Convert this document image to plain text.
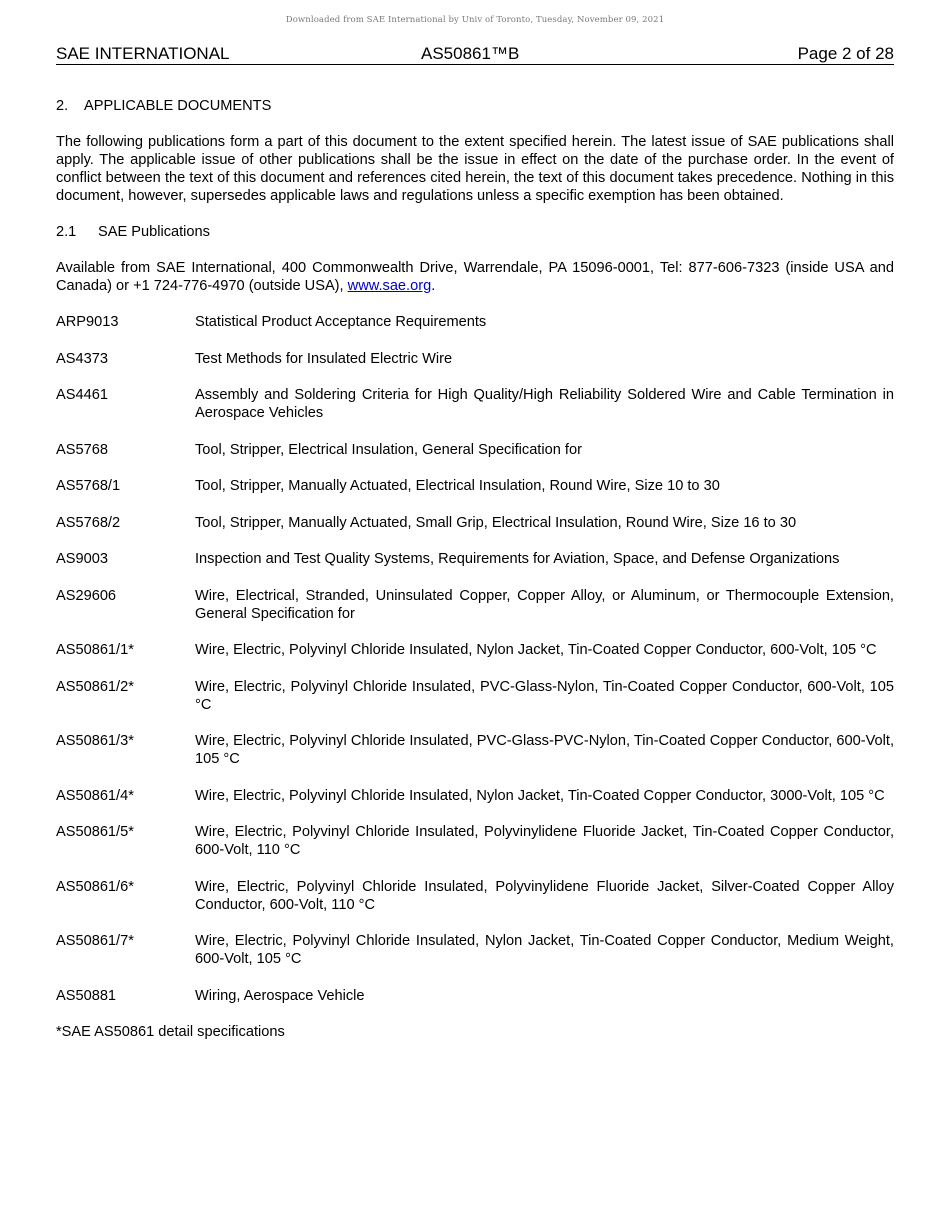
Downloaded from SAE International by Univ of Toronto, Tuesday, November 09, 2021
SAE INTERNATIONAL	AS50861™B	Page 2 of 28
2. APPLICABLE DOCUMENTS

The following publications form a part of this document to the extent specified herein. The latest issue of SAE publications shall apply. The applicable issue of other publications shall be the issue in effect on the date of the purchase order. In the event of conflict between the text of this document and references cited herein, the text of this document takes precedence. Nothing in this document, however, supersedes applicable laws and regulations unless a specific exemption has been obtained.

2.1 SAE Publications

Available from SAE International, 400 Commonwealth Drive, Warrendale, PA 15096-0001, Tel: 877-606-7323 (inside USA and Canada) or +1 724-776-4970 (outside USA), www.sae.org.

ARP9013	Statistical Product Acceptance Requirements
AS4373	Test Methods for Insulated Electric Wire
AS4461	Assembly and Soldering Criteria for High Quality/High Reliability Soldered Wire and Cable Termination in Aerospace Vehicles
AS5768	Tool, Stripper, Electrical Insulation, General Specification for
AS5768/1	Tool, Stripper, Manually Actuated, Electrical Insulation, Round Wire, Size 10 to 30
AS5768/2	Tool, Stripper, Manually Actuated, Small Grip, Electrical Insulation, Round Wire, Size 16 to 30
AS9003	Inspection and Test Quality Systems, Requirements for Aviation, Space, and Defense Organizations
AS29606	Wire, Electrical, Stranded, Uninsulated Copper, Copper Alloy, or Aluminum, or Thermocouple Extension, General Specification for
AS50861/1*	Wire, Electric, Polyvinyl Chloride Insulated, Nylon Jacket, Tin-Coated Copper Conductor, 600-Volt, 105 °C
AS50861/2*	Wire, Electric, Polyvinyl Chloride Insulated, PVC-Glass-Nylon, Tin-Coated Copper Conductor, 600-Volt, 105 °C
AS50861/3*	Wire, Electric, Polyvinyl Chloride Insulated, PVC-Glass-PVC-Nylon, Tin-Coated Copper Conductor, 600-Volt, 105 °C
AS50861/4*	Wire, Electric, Polyvinyl Chloride Insulated, Nylon Jacket, Tin-Coated Copper Conductor, 3000-Volt, 105 °C
AS50861/5*	Wire, Electric, Polyvinyl Chloride Insulated, Polyvinylidene Fluoride Jacket, Tin-Coated Copper Conductor, 600-Volt, 110 °C
AS50861/6*	Wire, Electric, Polyvinyl Chloride Insulated, Polyvinylidene Fluoride Jacket, Silver-Coated Copper Alloy Conductor, 600-Volt, 110 °C
AS50861/7*	Wire, Electric, Polyvinyl Chloride Insulated, Nylon Jacket, Tin-Coated Copper Conductor, Medium Weight, 600-Volt, 105 °C
AS50881	Wiring, Aerospace Vehicle

*SAE AS50861 detail specifications
